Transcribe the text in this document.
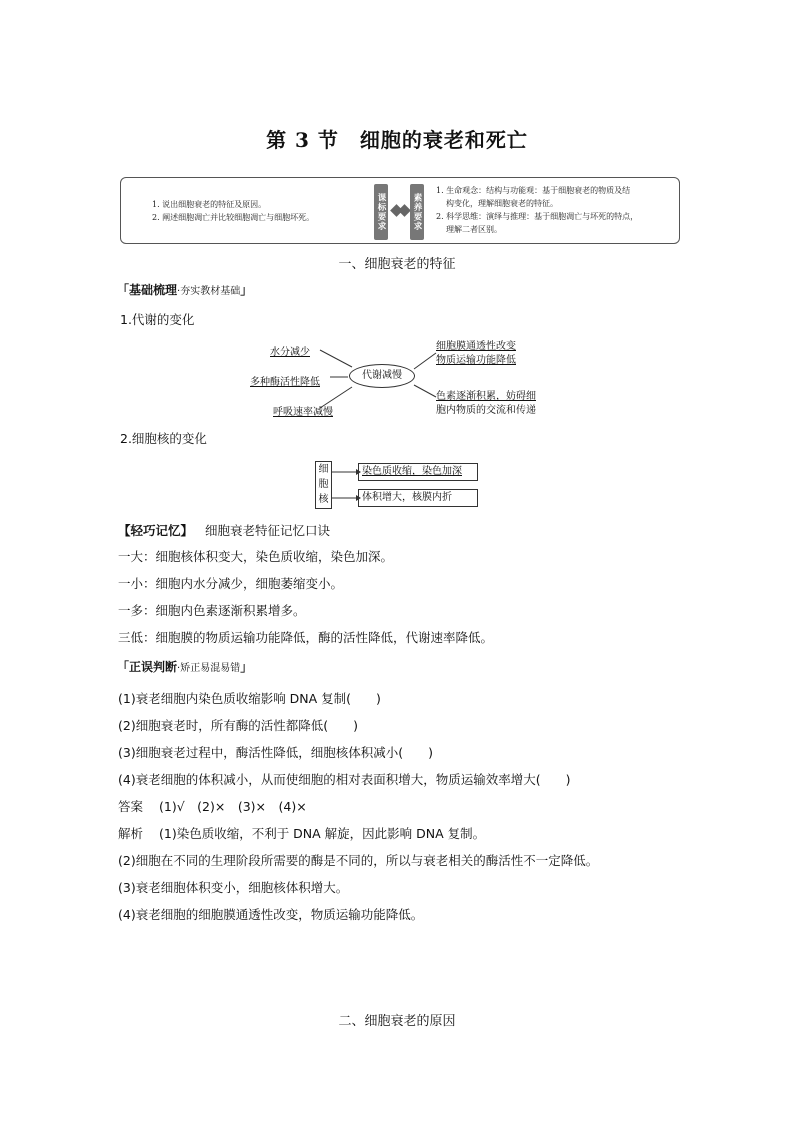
第 3 节　细胞的衰老和死亡
1. 说出细胞衰老的特征及原因。
2. 阐述细胞凋亡并比较细胞凋亡与细胞坏死。	课标要求	素养要求
1. 生命观念：结构与功能观：基于细胞衰老的物质及结
构变化，理解细胞衰老的特征。
2. 科学思维：演绎与推理：基于细胞凋亡与坏死的特点，
理解二者区别。
一、细胞衰老的特征
「基础梳理·夯实教材基础」
1.代谢的变化
代谢减慢
水分减少
多种酶活性降低
呼吸速率减慢
细胞膜通透性改变
物质运输功能降低
色素逐渐积累，妨碍细
胞内物质的交流和传递
2.细胞核的变化
细
胞
核
染色质收缩，染色加深
体积增大，核膜内折
【轻巧记忆】 细胞衰老特征记忆口诀
一大：细胞核体积变大，染色质收缩，染色加深。
一小：细胞内水分减少，细胞萎缩变小。
一多：细胞内色素逐渐积累增多。
三低：细胞膜的物质运输功能降低，酶的活性降低，代谢速率降低。
「正误判断·矫正易混易错」
(1)衰老细胞内染色质收缩影响 DNA 复制(　　)
(2)细胞衰老时，所有酶的活性都降低(　　)
(3)细胞衰老过程中，酶活性降低，细胞核体积减小(　　)
(4)衰老细胞的体积减小，从而使细胞的相对表面积增大，物质运输效率增大(　　)
答案 (1)√　(2)×　(3)×　(4)×
解析 (1)染色质收缩，不利于 DNA 解旋，因此影响 DNA 复制。
(2)细胞在不同的生理阶段所需要的酶是不同的，所以与衰老相关的酶活性不一定降低。
(3)衰老细胞体积变小，细胞核体积增大。
(4)衰老细胞的细胞膜通透性改变，物质运输功能降低。
二、细胞衰老的原因
